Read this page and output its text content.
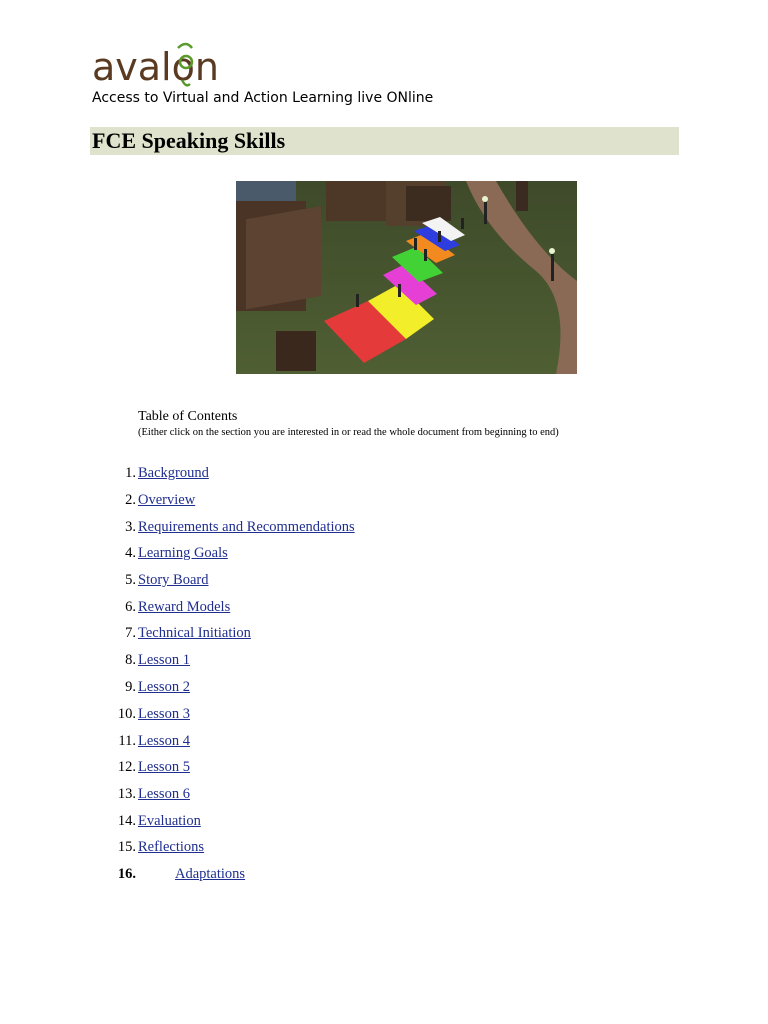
avalon
Access to Virtual and Action Learning live ONline
FCE Speaking Skills
Table of Contents
(Either click on the section you are interested in or read the whole document from beginning to end)
1. Background
2. Overview
3. Requirements and Recommendations
4. Learning Goals
5. Story Board
6. Reward Models
7. Technical Initiation
8. Lesson 1
9. Lesson 2
10. Lesson 3
11. Lesson 4
12. Lesson 5
13. Lesson 6
14. Evaluation
15. Reflections
16.	Adaptations
